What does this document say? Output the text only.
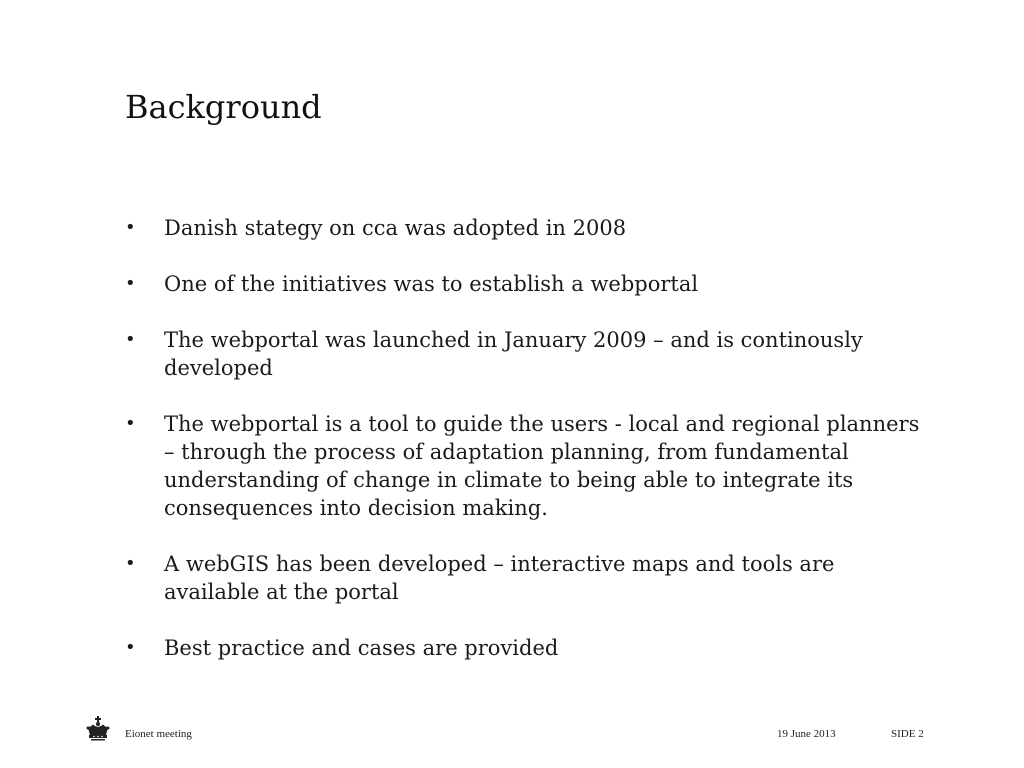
Background
• Danish stategy on cca was adopted in 2008
• One of the initiatives was to establish a webportal
• The webportal was launched in January 2009 – and is continously developed
• The webportal is a tool to guide the users - local and regional planners – through the process of adaptation planning, from fundamental understanding of change in climate to being able to integrate its consequences into decision making.
• A webGIS has been developed – interactive maps and tools are available at the portal
• Best practice and cases are provided
Eionet meeting	19 June 2013	SIDE 2
